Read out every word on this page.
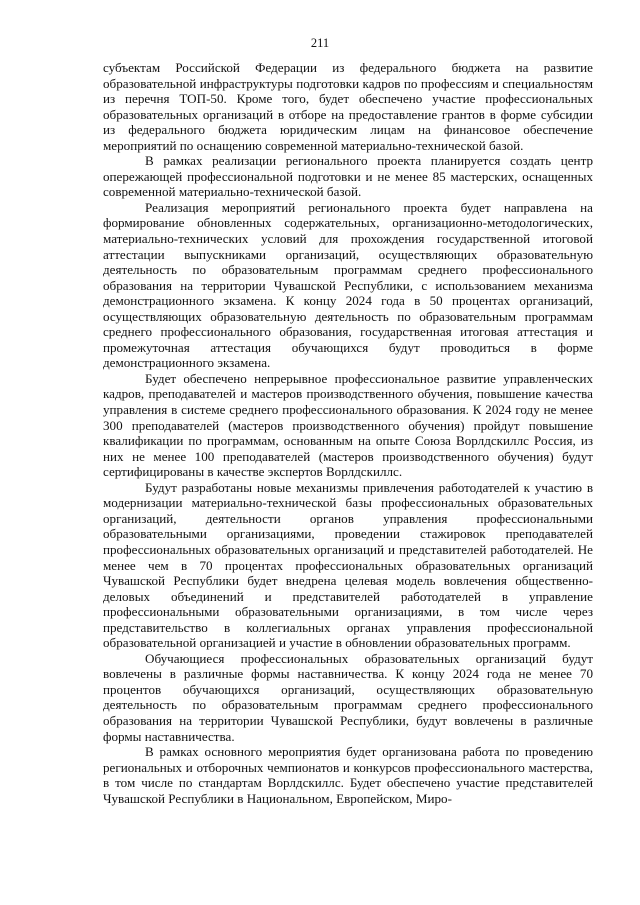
211

субъектам Российской Федерации из федерального бюджета на развитие образовательной инфраструктуры подготовки кадров по профессиям и специальностям из перечня ТОП-50. Кроме того, будет обеспечено участие профессиональных образовательных организаций в отборе на предоставление грантов в форме субсидии из федерального бюджета юридическим лицам на финансовое обеспечение мероприятий по оснащению современной материально-технической базой.

В рамках реализации регионального проекта планируется создать центр опережающей профессиональной подготовки и не менее 85 мастерских, оснащенных современной материально-технической базой.

Реализация мероприятий регионального проекта будет направлена на формирование обновленных содержательных, организационно-методологических, материально-технических условий для прохождения государственной итоговой аттестации выпускниками организаций, осуществляющих образовательную деятельность по образовательным программам среднего профессионального образования на территории Чувашской Республики, с использованием механизма демонстрационного экзамена. К концу 2024 года в 50 процентах организаций, осуществляющих образовательную деятельность по образовательным программам среднего профессионального образования, государственная итоговая аттестация и промежуточная аттестация обучающихся будут проводиться в форме демонстрационного экзамена.

Будет обеспечено непрерывное профессиональное развитие управленческих кадров, преподавателей и мастеров производственного обучения, повышение качества управления в системе среднего профессионального образования. К 2024 году не менее 300 преподавателей (мастеров производственного обучения) пройдут повышение квалификации по программам, основанным на опыте Союза Ворлдскиллс Россия, из них не менее 100 преподавателей (мастеров производственного обучения) будут сертифицированы в качестве экспертов Ворлдскиллс.

Будут разработаны новые механизмы привлечения работодателей к участию в модернизации материально-технической базы профессиональных образовательных организаций, деятельности органов управления профессиональными образовательными организациями, проведении стажировок преподавателей профессиональных образовательных организаций и представителей работодателей. Не менее чем в 70 процентах профессиональных образовательных организаций Чувашской Республики будет внедрена целевая модель вовлечения общественно-деловых объединений и представителей работодателей в управление профессиональными образовательными организациями, в том числе через представительство в коллегиальных органах управления профессиональной образовательной организацией и участие в обновлении образовательных программ.

Обучающиеся профессиональных образовательных организаций будут вовлечены в различные формы наставничества. К концу 2024 года не менее 70 процентов обучающихся организаций, осуществляющих образовательную деятельность по образовательным программам среднего профессионального образования на территории Чувашской Республики, будут вовлечены в различные формы наставничества.

В рамках основного мероприятия будет организована работа по проведению региональных и отборочных чемпионатов и конкурсов профессионального мастерства, в том числе по стандартам Ворлдскиллс. Будет обеспечено участие представителей Чувашской Республики в Национальном, Европейском, Миро-
